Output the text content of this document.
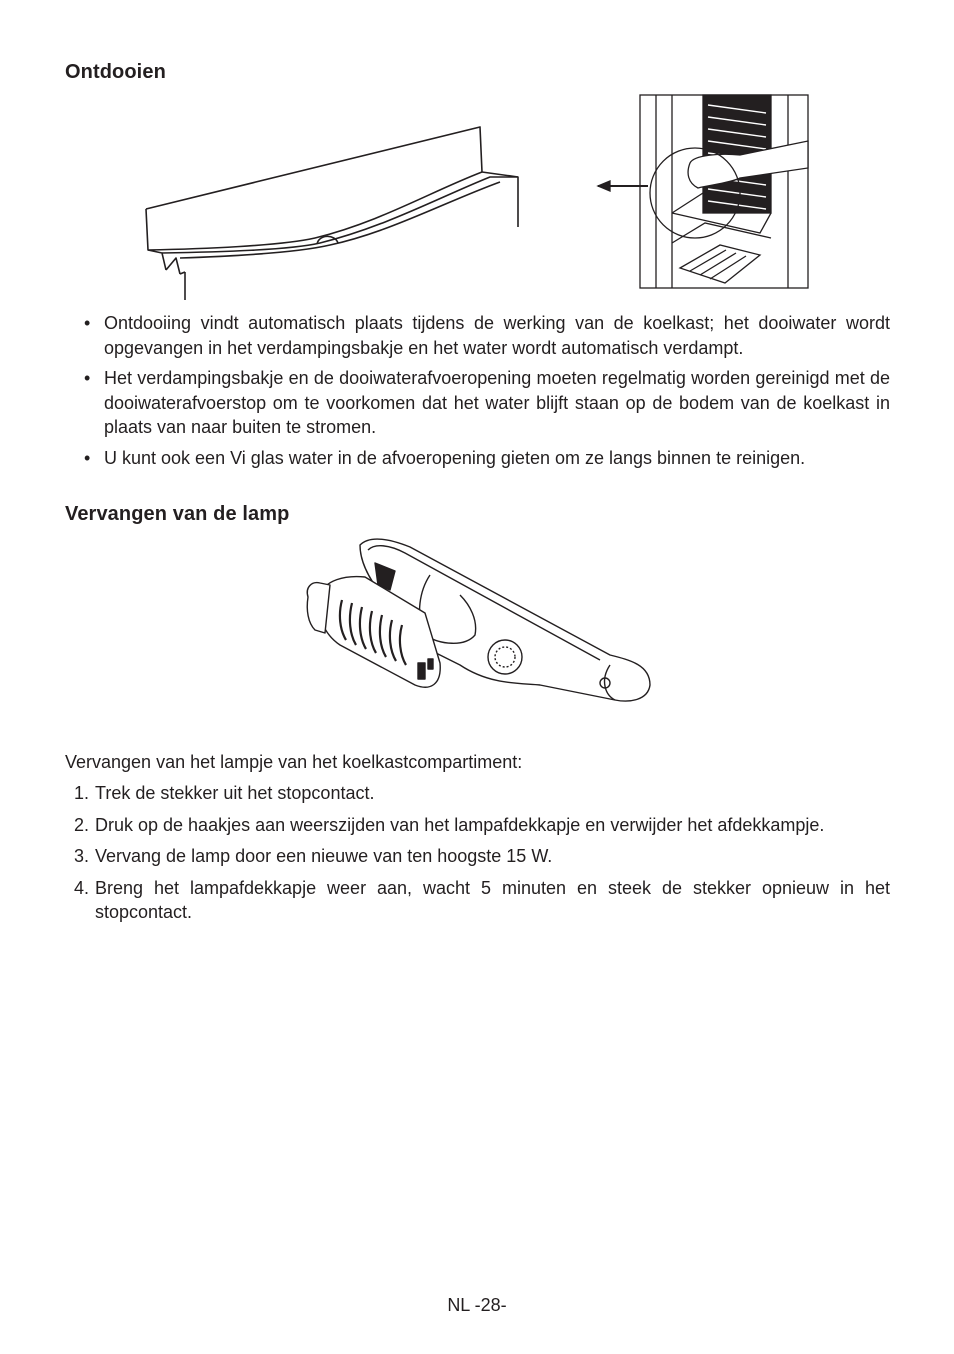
Ontdooien
• Ontdooiing vindt automatisch plaats tijdens de werking van de koelkast; het dooiwater wordt opgevangen in het verdampingsbakje en het water wordt automatisch verdampt.
• Het verdampingsbakje en de dooiwaterafvoeropening moeten regelmatig worden gereinigd met de dooiwaterafvoerstop om te voorkomen dat het water blijft staan op de bodem van de koelkast in plaats van naar buiten te stromen.
• U kunt ook een Vi glas water in de afvoeropening gieten om ze langs binnen te reinigen.
Vervangen van de lamp

Vervangen van het lampje van het koelkastcompartiment:

1. Trek de stekker uit het stopcontact.
2. Druk op de haakjes aan weerszijden van het lampafdekkapje en verwijder het afdekkampje.
3. Vervang de lamp door een nieuwe van ten hoogste 15 W.
4. Breng het lampafdekkapje weer aan, wacht 5 minuten en steek de stekker opnieuw in het stopcontact.
NL -28-
